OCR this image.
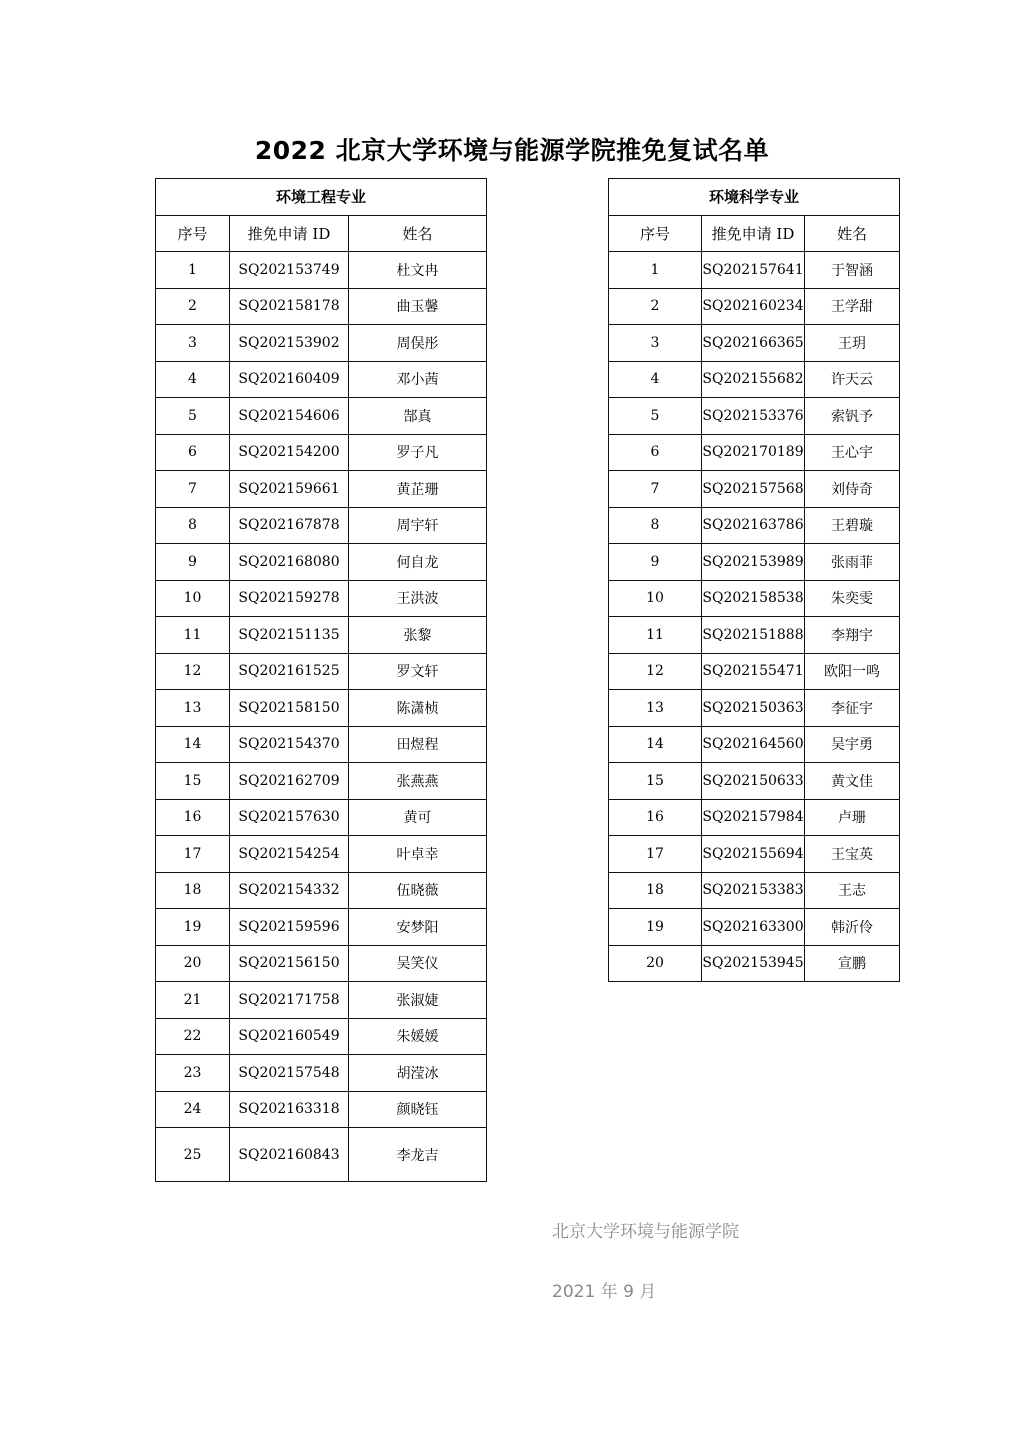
2022 北京大学环境与能源学院推免复试名单
环境工程专业		
序号	推免申请 ID	姓名
1	SQ202153749	杜文冉
2	SQ202158178	曲玉馨
3	SQ202153902	周俣彤
4	SQ202160409	邓小茜
5	SQ202154606	郜真
6	SQ202154200	罗子凡
7	SQ202159661	黄芷珊
8	SQ202167878	周宇轩
9	SQ202168080	何自龙
10	SQ202159278	王洪波
11	SQ202151135	张黎
12	SQ202161525	罗文轩
13	SQ202158150	陈潇桢
14	SQ202154370	田煜程
15	SQ202162709	张燕燕
16	SQ202157630	黄可
17	SQ202154254	叶卓幸
18	SQ202154332	伍晓薇
19	SQ202159596	安梦阳
20	SQ202156150	吴笑仪
21	SQ202171758	张淑婕
22	SQ202160549	朱媛媛
23	SQ202157548	胡滢冰
24	SQ202163318	颜晓钰
25	SQ202160843	李龙吉
环境科学专业		
序号	推免申请 ID	姓名
1	SQ202157641	于智涵
2	SQ202160234	王学甜
3	SQ202166365	王玥
4	SQ202155682	许天云
5	SQ202153376	索钒予
6	SQ202170189	王心宇
7	SQ202157568	刘侍奇
8	SQ202163786	王碧璇
9	SQ202153989	张雨菲
10	SQ202158538	朱奕雯
11	SQ202151888	李翔宇
12	SQ202155471	欧阳一鸣
13	SQ202150363	李征宇
14	SQ202164560	吴宇勇
15	SQ202150633	黄文佳
16	SQ202157984	卢珊
17	SQ202155694	王宝英
18	SQ202153383	王志
19	SQ202163300	韩沂伶
20	SQ202153945	宣鹏
北京大学环境与能源学院
2021 年 9 月
